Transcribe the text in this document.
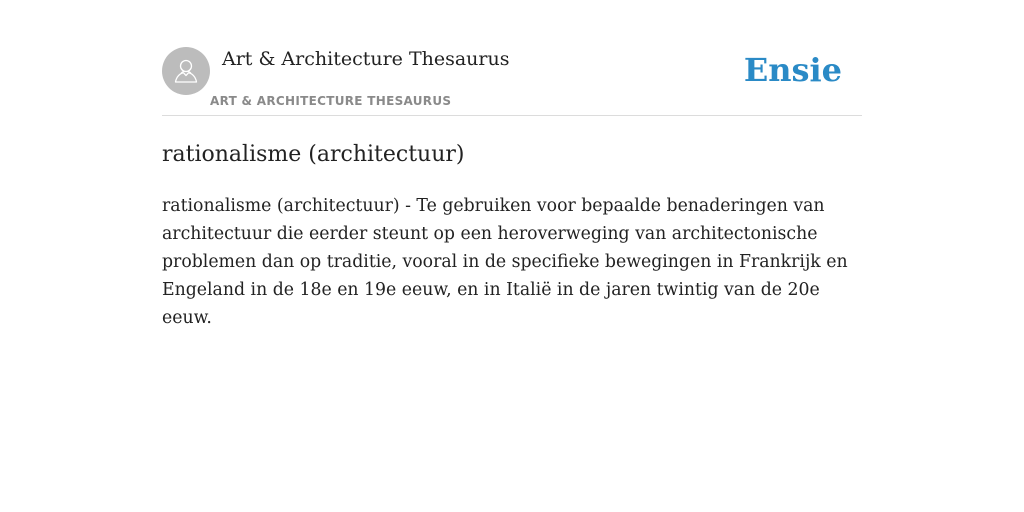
Art & Architecture Thesaurus
ART & ARCHITECTURE THESAURUS
Ensie
rationalisme (architectuur)

rationalisme (architectuur) - Te gebruiken voor bepaalde benaderingen van architectuur die eerder steunt op een heroverweging van architectonische problemen dan op traditie, vooral in de specifieke bewegingen in Frankrijk en Engeland in de 18e en 19e eeuw, en in Italië in de jaren twintig van de 20e eeuw.
